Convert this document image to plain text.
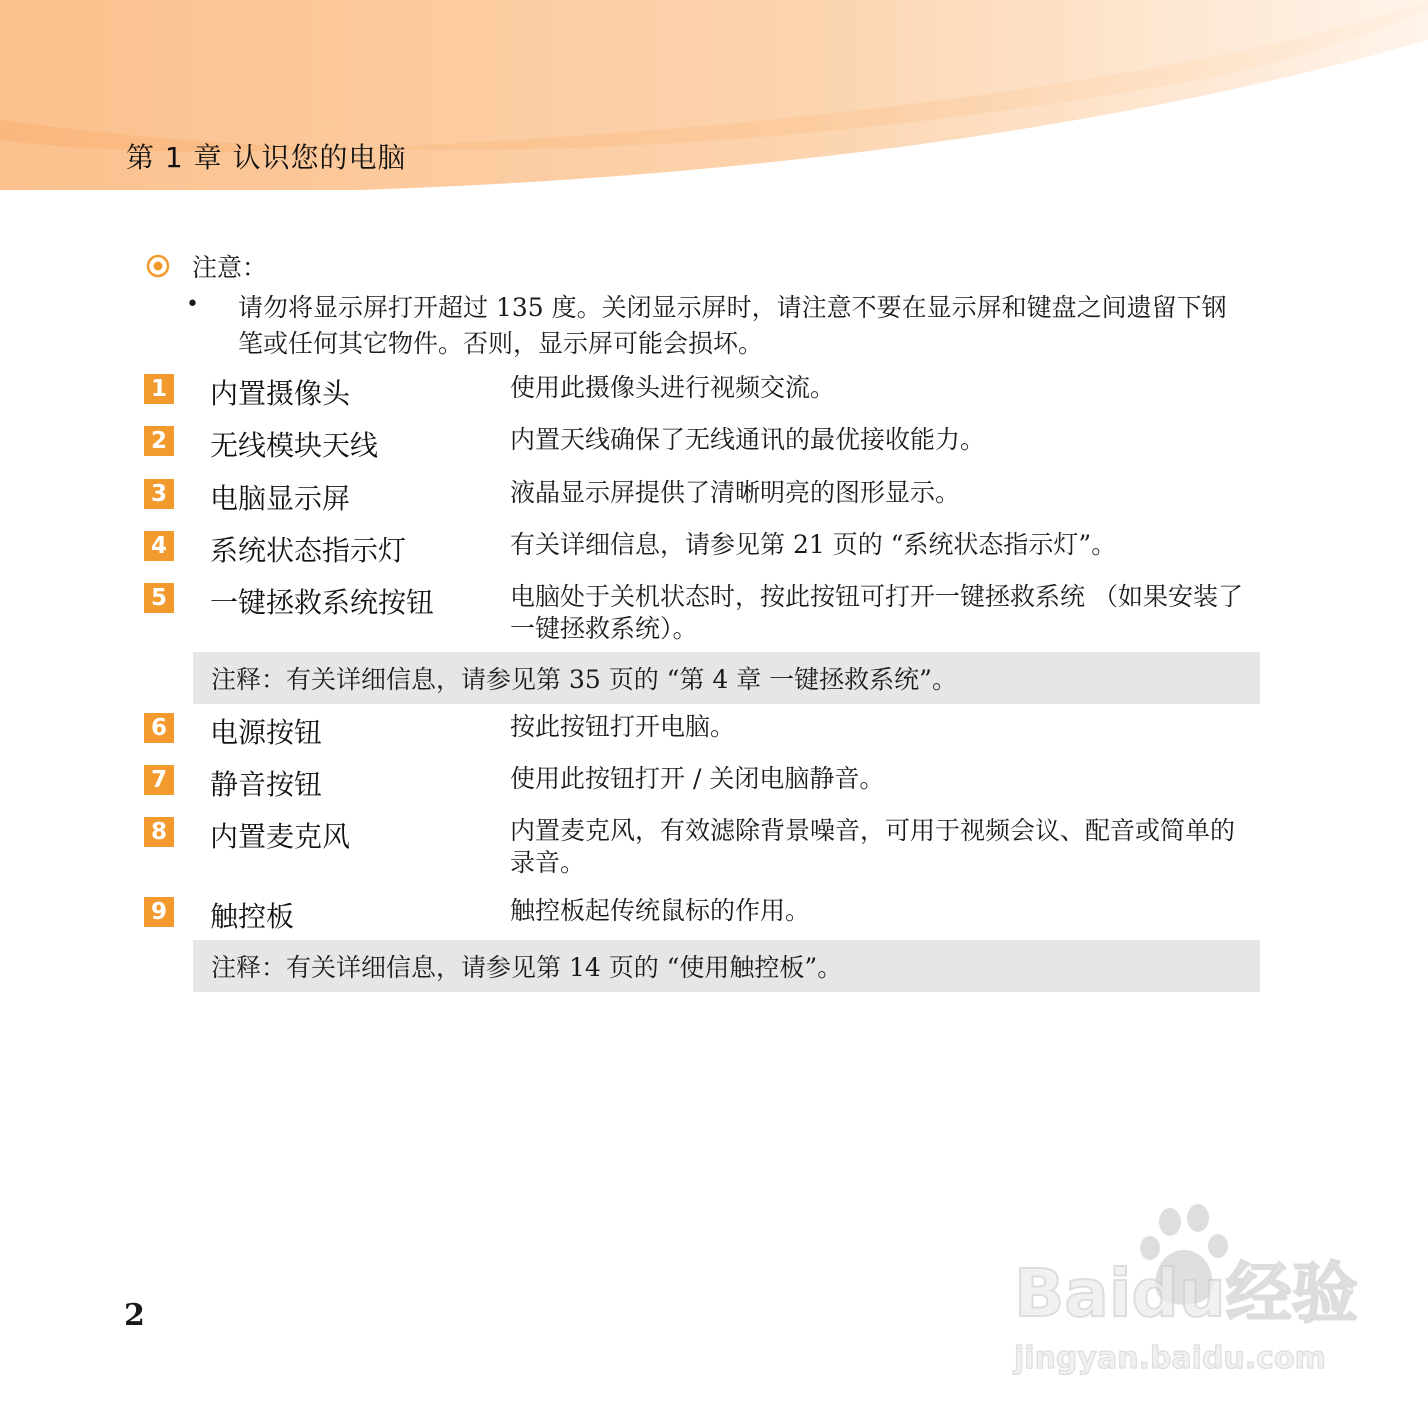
第 1 章 认识您的电脑
注意：
• 请勿将显示屏打开超过 135 度。关闭显示屏时，请注意不要在显示屏和键盘之间遗留下钢笔或任何其它物件。否则，显示屏可能会损坏。
1 内置摄像头	使用此摄像头进行视频交流。
2 无线模块天线	内置天线确保了无线通讯的最优接收能力。
3 电脑显示屏	液晶显示屏提供了清晰明亮的图形显示。
4 系统状态指示灯	有关详细信息，请参见第 21 页的 “系统状态指示灯”。
5 一键拯救系统按钮	电脑处于关机状态时，按此按钮可打开一键拯救系统 （如果安装了一键拯救系统）。
注释：有关详细信息，请参见第 35 页的 “第 4 章 一键拯救系统”。
6 电源按钮	按此按钮打开电脑。
7 静音按钮	使用此按钮打开 / 关闭电脑静音。
8 内置麦克风	内置麦克风，有效滤除背景噪音，可用于视频会议、配音或简单的录音。
9 触控板	触控板起传统鼠标的作用。
注释：有关详细信息，请参见第 14 页的 “使用触控板”。
2	Baidu经验
jingyan.baidu.com
